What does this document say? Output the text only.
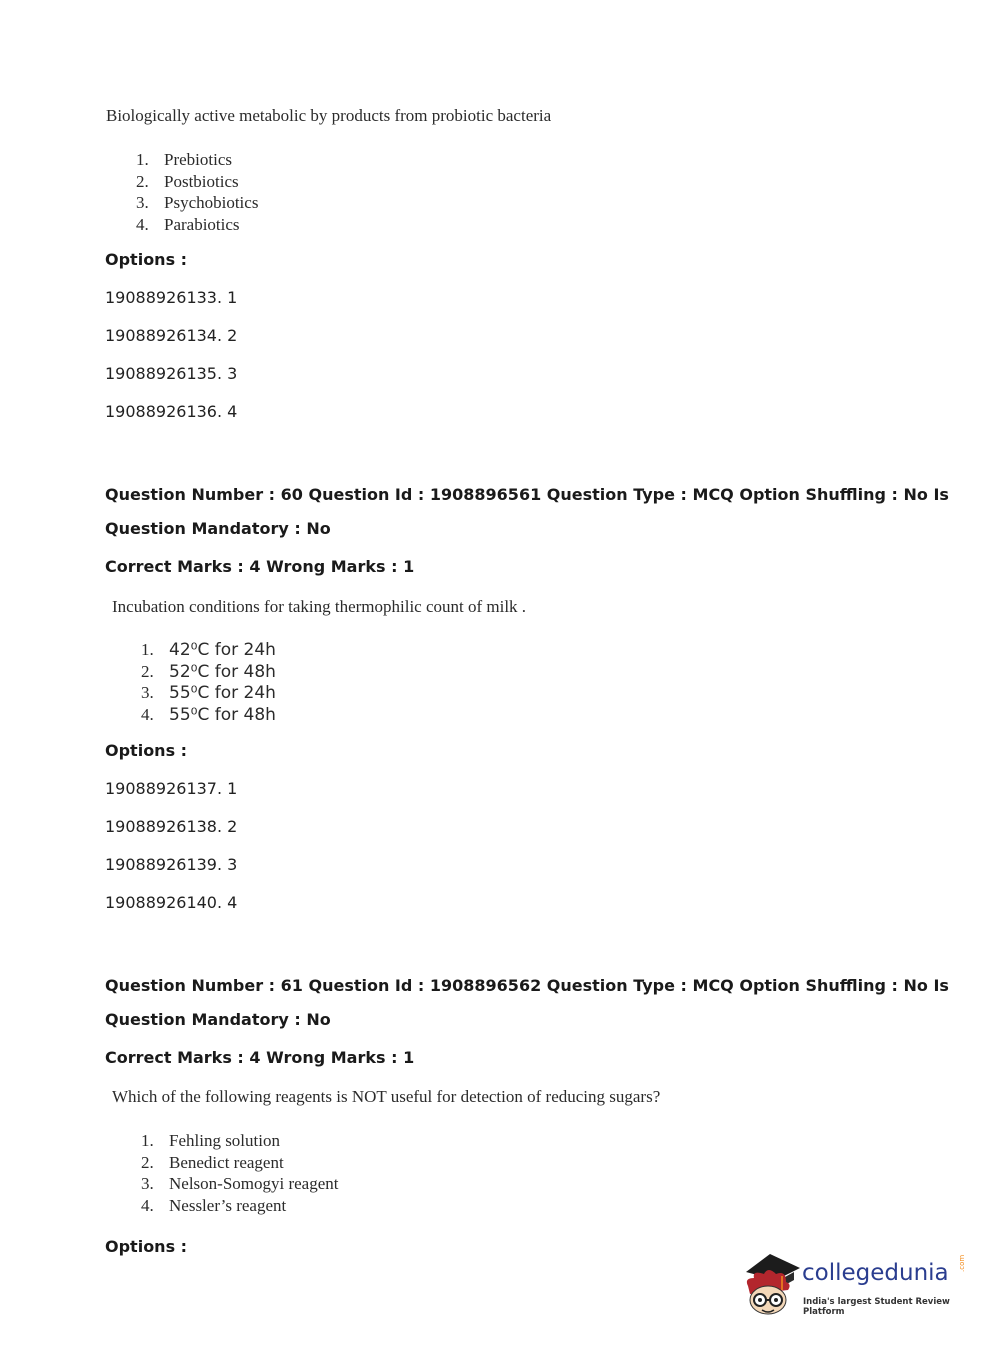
Biologically active metabolic by products from probiotic bacteria
1. Prebiotics
2. Postbiotics
3. Psychobiotics
4. Parabiotics
Options :
19088926133. 1
19088926134. 2
19088926135. 3
19088926136. 4
Question Number : 60 Question Id : 1908896561 Question Type : MCQ Option Shuffling : No Is
Question Mandatory : No
Correct Marks : 4 Wrong Marks : 1
Incubation conditions for taking thermophilic count of milk .
1. 42⁰C for 24h
2. 52⁰C for 48h
3. 55⁰C for 24h
4. 55⁰C for 48h
Options :
19088926137. 1
19088926138. 2
19088926139. 3
19088926140. 4
Question Number : 61 Question Id : 1908896562 Question Type : MCQ Option Shuffling : No Is
Question Mandatory : No
Correct Marks : 4 Wrong Marks : 1
Which of the following reagents is NOT useful for detection of reducing sugars?
1. Fehling solution
2. Benedict reagent
3. Nelson-Somogyi reagent
4. Nessler’s reagent
Options :
collegedunia .com
India's largest Student Review Platform
